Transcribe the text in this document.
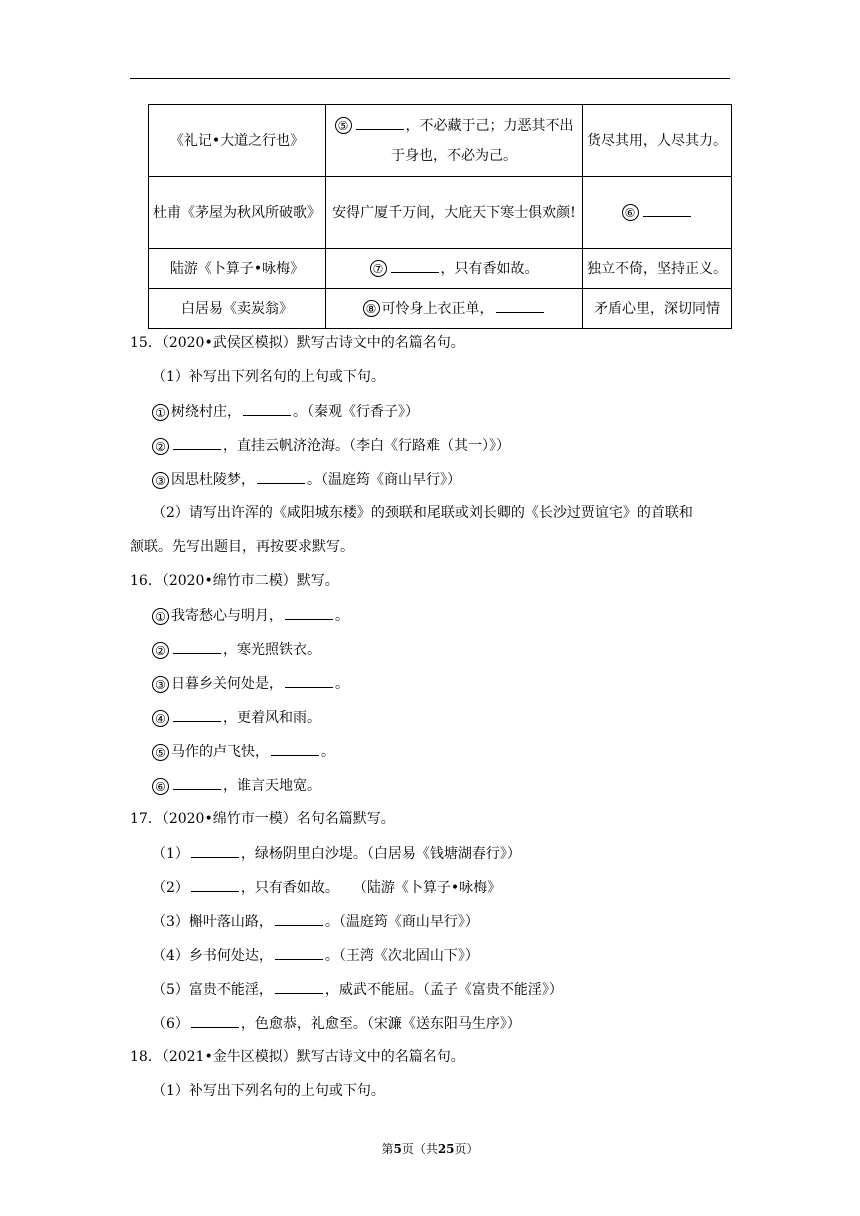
《礼记•大道之行也》	⑤ ，不必藏于己；力恶其不出于身也，不必为己。	货尽其用，人尽其力。
杜甫《茅屋为秋风所破歌》	安得广厦千万间，大庇天下寒士俱欢颜!	⑥
陆游《卜算子•咏梅》	⑦ ，只有香如故。	独立不倚，坚持正义。
白居易《卖炭翁》	⑧ 可怜身上衣正单，	矛盾心里，深切同情
15．（2020•武侯区模拟）默写古诗文中的名篇名句。
（1）补写出下列名句的上句或下句。
① 树绕村庄，	。（秦观《行香子》）
②	，直挂云帆济沧海。（李白《行路难（其一）》）
③ 因思杜陵梦，	。（温庭筠《商山早行》）
（2）请写出许浑的《咸阳城东楼》的颈联和尾联或刘长卿的《长沙过贾谊宅》的首联和
颔联。先写出题目，再按要求默写。
16．（2020•绵竹市二模）默写。
① 我寄愁心与明月，	。
②	，寒光照铁衣。
③ 日暮乡关何处是，	。
④	，更着风和雨。
⑤ 马作的卢飞快，	。
⑥	，谁言天地宽。
17．（2020•绵竹市一模）名句名篇默写。
（1）	，绿杨阴里白沙堤。（白居易《钱塘湖春行》）
（2）	，只有香如故。　　（陆游《卜算子•咏梅》
（3）槲叶落山路，	。（温庭筠《商山早行》）
（4）乡书何处达，	。（王湾《次北固山下》）
（5）富贵不能淫，	，威武不能屈。（孟子《富贵不能淫》）
（6）	，色愈恭，礼愈至。（宋濂《送东阳马生序》）
18．（2021•金牛区模拟）默写古诗文中的名篇名句。
（1）补写出下列名句的上句或下句。
第5页（共25页）
